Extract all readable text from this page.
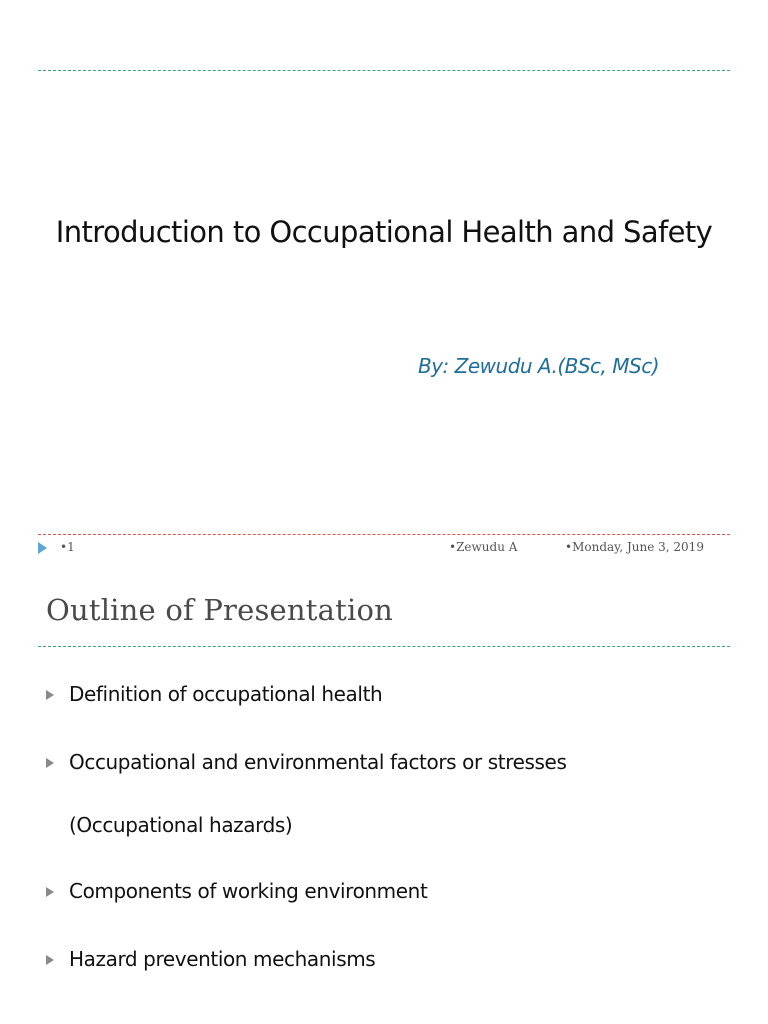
Introduction to Occupational Health and Safety
By: Zewudu A.(BSc, MSc)
•1	•Zewudu A	•Monday, June 3, 2019
Outline of Presentation
Definition of occupational health
Occupational and environmental factors or stresses
(Occupational hazards)
Components of working environment
Hazard prevention mechanisms
